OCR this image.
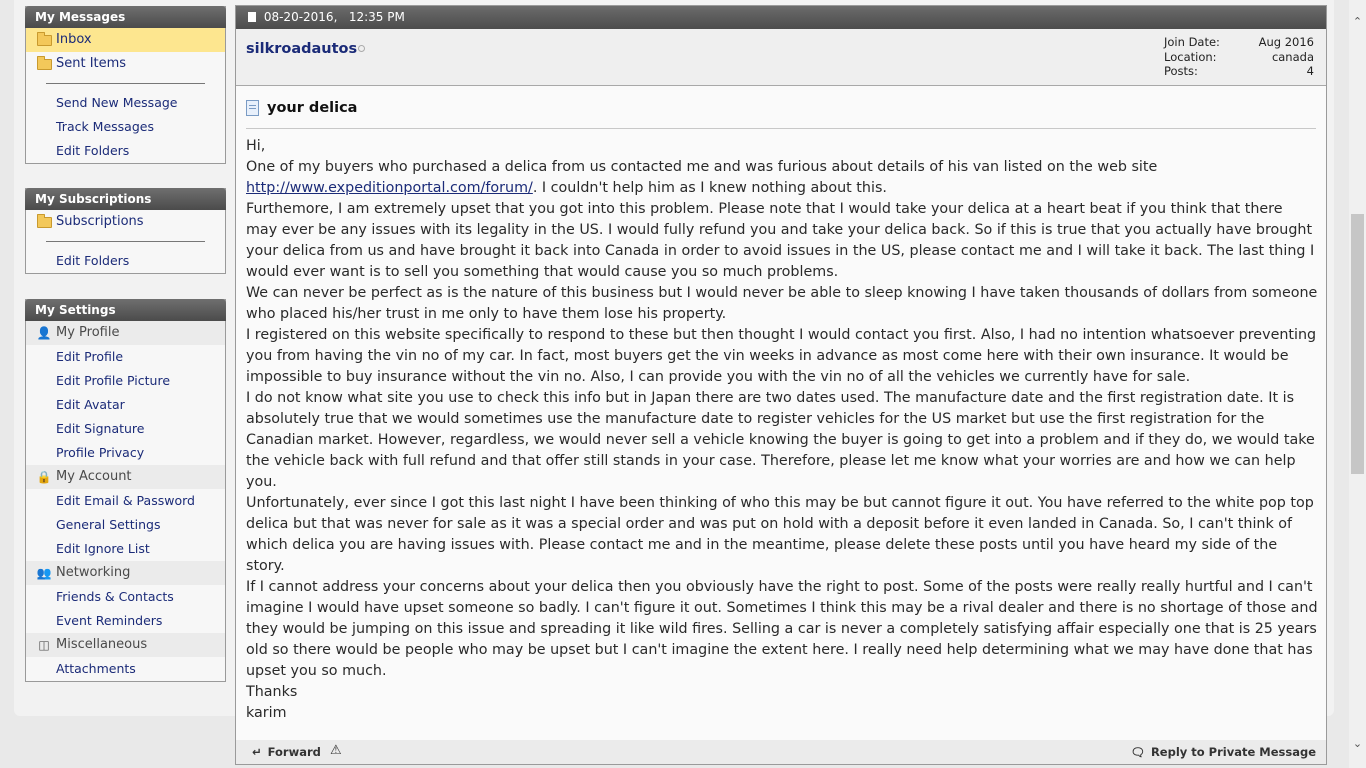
My Messages
Inbox
Sent Items
Send New Message
Track Messages
Edit Folders
My Subscriptions
Subscriptions
Edit Folders
My Settings
👤 My Profile
Edit Profile
Edit Profile Picture
Edit Avatar
Edit Signature
Profile Privacy
🔒 My Account
Edit Email & Password
General Settings
Edit Ignore List
👥 Networking
Friends & Contacts
Event Reminders
◫ Miscellaneous
Attachments
08-20-2016, 12:35 PM
silkroadautos	Join Date:	Aug 2016
Location:	canada
Posts:	4
your delica
Hi,
One of my buyers who purchased a delica from us contacted me and was furious about details of his van listed on the web site
http://www.expeditionportal.com/forum/. I couldn't help him as I knew nothing about this.
Furthemore, I am extremely upset that you got into this problem. Please note that I would take your delica at a heart beat if you think that there may ever be any issues with its legality in the US. I would fully refund you and take your delica back. So if this is true that you actually have brought your delica from us and have brought it back into Canada in order to avoid issues in the US, please contact me and I will take it back. The last thing I would ever want is to sell you something that would cause you so much problems.
We can never be perfect as is the nature of this business but I would never be able to sleep knowing I have taken thousands of dollars from someone who placed his/her trust in me only to have them lose his property.
I registered on this website specifically to respond to these but then thought I would contact you first. Also, I had no intention whatsoever preventing you from having the vin no of my car. In fact, most buyers get the vin weeks in advance as most come here with their own insurance. It would be impossible to buy insurance without the vin no. Also, I can provide you with the vin no of all the vehicles we currently have for sale.
I do not know what site you use to check this info but in Japan there are two dates used. The manufacture date and the first registration date. It is absolutely true that we would sometimes use the manufacture date to register vehicles for the US market but use the first registration for the Canadian market. However, regardless, we would never sell a vehicle knowing the buyer is going to get into a problem and if they do, we would take the vehicle back with full refund and that offer still stands in your case. Therefore, please let me know what your worries are and how we can help you.
Unfortunately, ever since I got this last night I have been thinking of who this may be but cannot figure it out. You have referred to the white pop top delica but that was never for sale as it was a special order and was put on hold with a deposit before it even landed in Canada. So, I can't think of which delica you are having issues with. Please contact me and in the meantime, please delete these posts until you have heard my side of the story.
If I cannot address your concerns about your delica then you obviously have the right to post. Some of the posts were really really hurtful and I can't imagine I would have upset someone so badly. I can't figure it out. Sometimes I think this may be a rival dealer and there is no shortage of those and they would be jumping on this issue and spreading it like wild fires. Selling a car is never a completely satisfying affair especially one that is 25 years old so there would be people who may be upset but I can't imagine the extent here. I really need help determining what we may have done that has upset you so much.
Thanks
karim
↵ Forward ⚠	🗨 Reply to Private Message
⌃
⌄
